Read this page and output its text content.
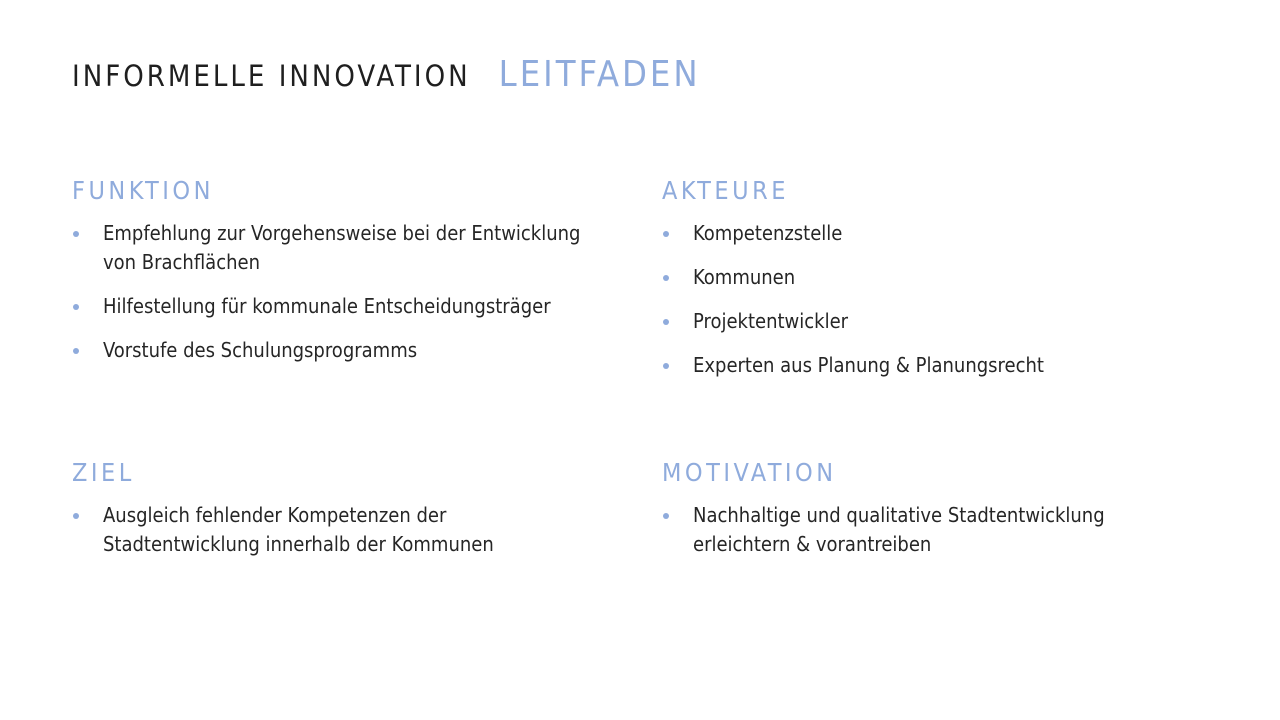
INFORMELLE INNOVATION LEITFADEN
FUNKTION
Empfehlung zur Vorgehensweise bei der Entwicklung von Brachflächen
Hilfestellung für kommunale Entscheidungsträger
Vorstufe des Schulungsprogramms
AKTEURE
Kompetenzstelle
Kommunen
Projektentwickler
Experten aus Planung & Planungsrecht
ZIEL
Ausgleich fehlender Kompetenzen der Stadtentwicklung innerhalb der Kommunen
MOTIVATION
Nachhaltige und qualitative Stadtentwicklung erleichtern & vorantreiben
